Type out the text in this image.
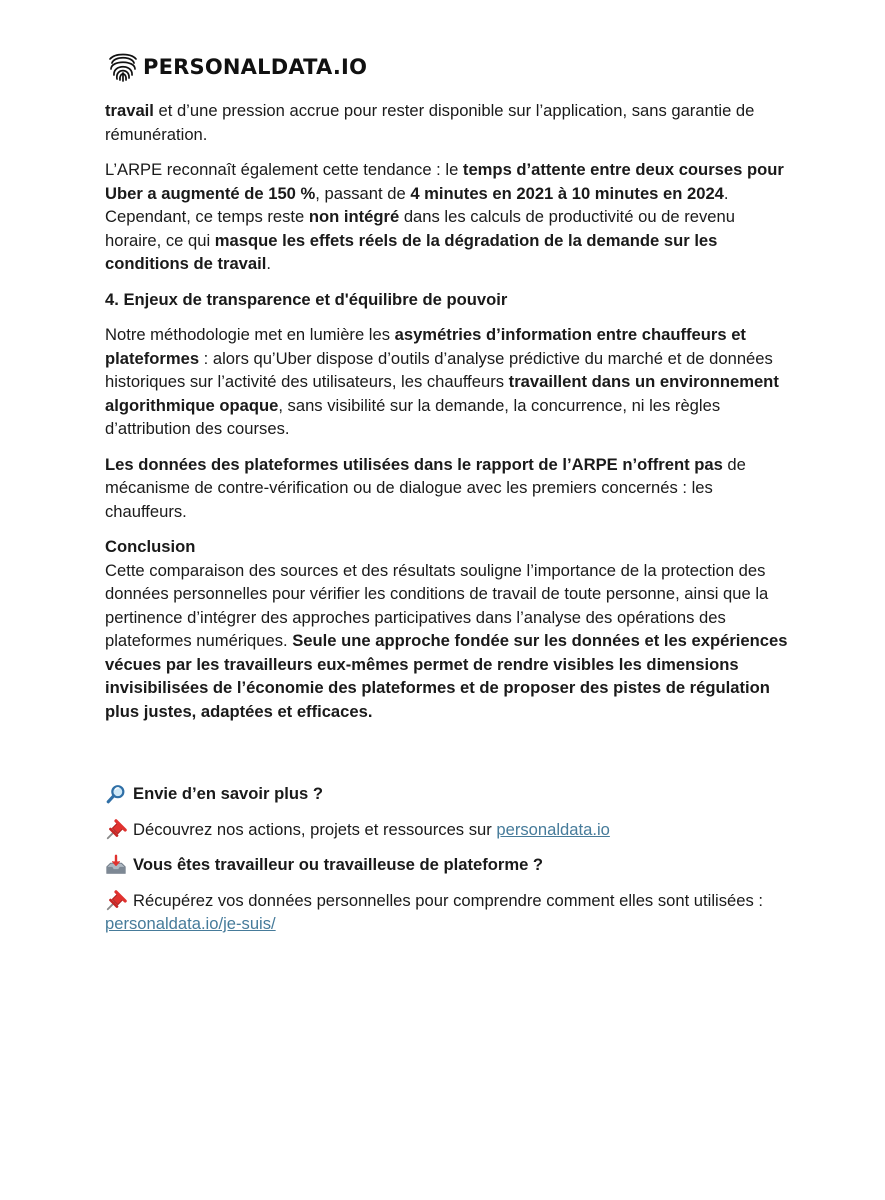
PERSONALDATA.IO

travail et d’une pression accrue pour rester disponible sur l’application, sans garantie de rémunération.

L’ARPE reconnaît également cette tendance : le temps d’attente entre deux courses pour Uber a augmenté de 150 %, passant de 4 minutes en 2021 à 10 minutes en 2024. Cependant, ce temps reste non intégré dans les calculs de productivité ou de revenu horaire, ce qui masque les effets réels de la dégradation de la demande sur les conditions de travail.

4. Enjeux de transparence et d'équilibre de pouvoir

Notre méthodologie met en lumière les asymétries d’information entre chauffeurs et plateformes : alors qu’Uber dispose d’outils d’analyse prédictive du marché et de données historiques sur l’activité des utilisateurs, les chauffeurs travaillent dans un environnement algorithmique opaque, sans visibilité sur la demande, la concurrence, ni les règles d’attribution des courses.

Les données des plateformes utilisées dans le rapport de l’ARPE n’offrent pas de mécanisme de contre-vérification ou de dialogue avec les premiers concernés : les chauffeurs.

Conclusion

Cette comparaison des sources et des résultats souligne l’importance de la protection des données personnelles pour vérifier les conditions de travail de toute personne, ainsi que la pertinence d’intégrer des approches participatives dans l’analyse des opérations des plateformes numériques. Seule une approche fondée sur les données et les expériences vécues par les travailleurs eux-mêmes permet de rendre visibles les dimensions invisibilisées de l’économie des plateformes et de proposer des pistes de régulation plus justes, adaptées et efficaces.

Envie d’en savoir plus ?

Découvrez nos actions, projets et ressources sur personaldata.io

Vous êtes travailleur ou travailleuse de plateforme ?

Récupérez vos données personnelles pour comprendre comment elles sont utilisées : personaldata.io/je-suis/
